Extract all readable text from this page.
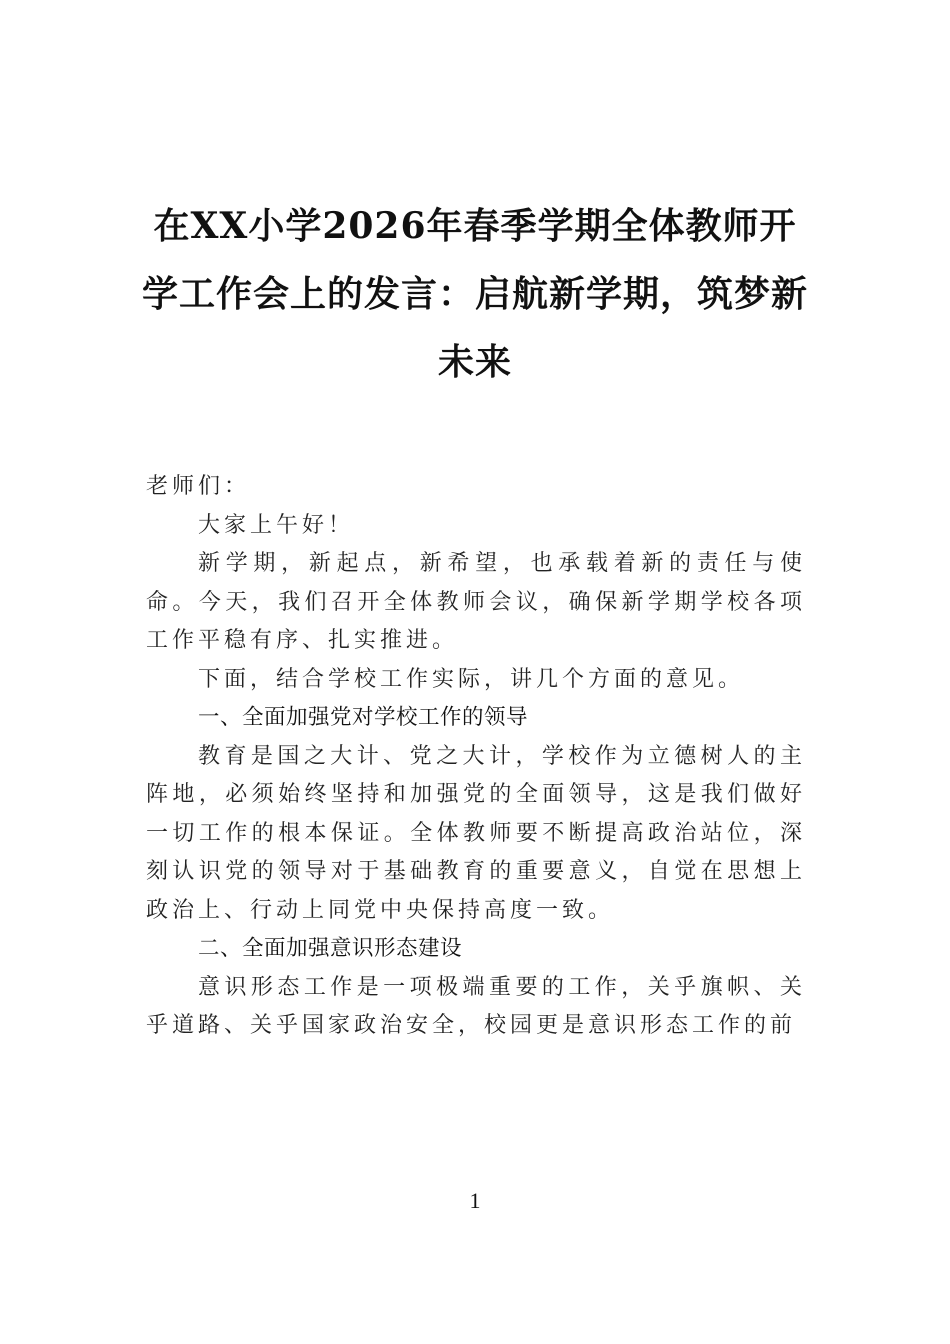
在XX小学2026年春季学期全体教师开学工作会上的发言：启航新学期，筑梦新未来

老师们：

大家上午好！

新学期，新起点，新希望，也承载着新的责任与使命。今天，我们召开全体教师会议，确保新学期学校各项工作平稳有序、扎实推进。

下面，结合学校工作实际，讲几个方面的意见。

一、全面加强党对学校工作的领导

教育是国之大计、党之大计，学校作为立德树人的主阵地，必须始终坚持和加强党的全面领导，这是我们做好一切工作的根本保证。全体教师要不断提高政治站位，深刻认识党的领导对于基础教育的重要意义，自觉在思想上政治上、行动上同党中央保持高度一致。

二、全面加强意识形态建设

意识形态工作是一项极端重要的工作，关乎旗帜、关乎道路、关乎国家政治安全，校园更是意识形态工作的前

1
